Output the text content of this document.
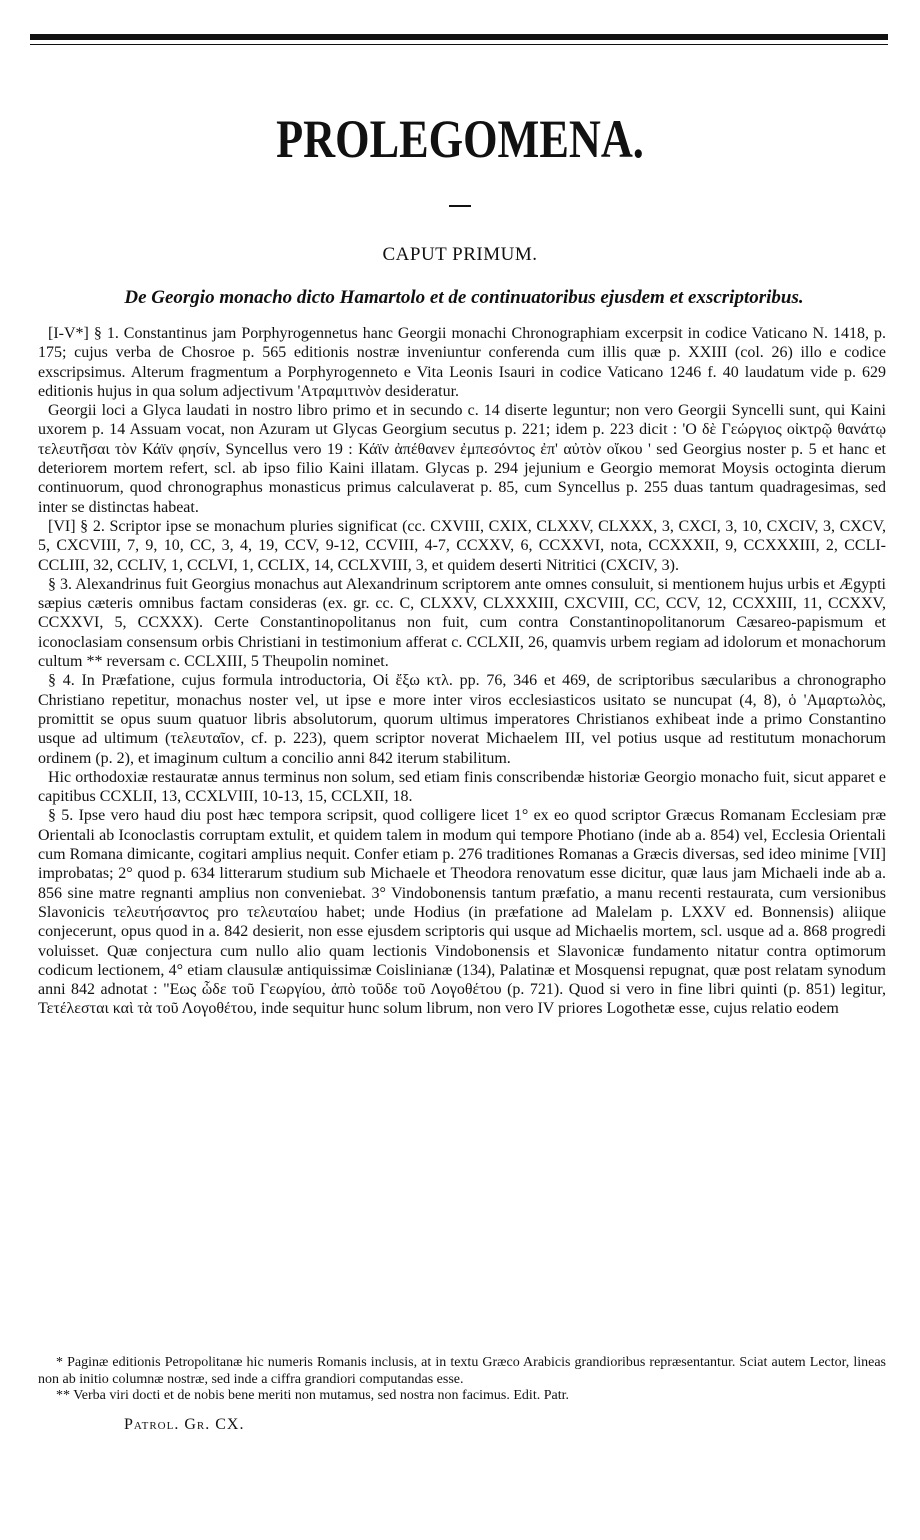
PROLEGOMENA.
CAPUT PRIMUM.
De Georgio monacho dicto Hamartolo et de continuatoribus ejusdem et exscriptoribus.

[I-V*] § 1. Constantinus jam Porphyrogennetus hanc Georgii monachi Chronographiam excerpsit in codice Vaticano N. 1418, p. 175; cujus verba de Chosroe p. 565 editionis nostræ inveniuntur conferenda cum illis quæ p. XXIII (col. 26) illo e codice exscripsimus. Alterum fragmentum a Porphyrogenneto e Vita Leonis Isauri in codice Vaticano 1246 f. 40 laudatum vide p. 629 editionis hujus in qua solum adjectivum 'Ατραμιτινὸν desideratur.

Georgii loci a Glyca laudati in nostro libro primo et in secundo c. 14 diserte leguntur; non vero Georgii Syncelli sunt, qui Kaini uxorem p. 14 Assuam vocat, non Azuram ut Glycas Georgium secutus p. 221; idem p. 223 dicit : 'Ο δὲ Γεώργιος οἰκτρῷ θανάτῳ τελευτῆσαι τὸν Κάϊν φησίν, Syncellus vero 19 : Κάϊν ἀπέθανεν ἐμπεσόντος ἐπ' αὐτὸν οἴκου ' sed Georgius noster p. 5 et hanc et deteriorem mortem refert, scl. ab ipso filio Kaini illatam. Glycas p. 294 jejunium e Georgio memorat Moysis octoginta dierum continuorum, quod chronographus monasticus primus calculaverat p. 85, cum Syncellus p. 255 duas tantum quadragesimas, sed inter se distinctas habeat.

[VI] § 2. Scriptor ipse se monachum pluries significat (cc. CXVIII, CXIX, CLXXV, CLXXX, 3, CXCI, 3, 10, CXCIV, 3, CXCV, 5, CXCVIII, 7, 9, 10, CC, 3, 4, 19, CCV, 9-12, CCVIII, 4-7, CCXXV, 6, CCXXVI, nota, CCXXXII, 9, CCXXXIII, 2, CCLI-CCLIII, 32, CCLIV, 1, CCLVI, 1, CCLIX, 14, CCLXVIII, 3, et quidem deserti Nitritici (CXCIV, 3).

§ 3. Alexandrinus fuit Georgius monachus aut Alexandrinum scriptorem ante omnes consuluit, si mentionem hujus urbis et Ægypti sæpius cæteris omnibus factam consideras (ex. gr. cc. C, CLXXV, CLXXXIII, CXCVIII, CC, CCV, 12, CCXXIII, 11, CCXXV, CCXXVI, 5, CCXXX). Certe Constantinopolitanus non fuit, cum contra Constantinopolitanorum Cæsareo-papismum et iconoclasiam consensum orbis Christiani in testimonium afferat c. CCLXII, 26, quamvis urbem regiam ad idolorum et monachorum cultum ** reversam c. CCLXIII, 5 Theupolin nominet.

§ 4. In Præfatione, cujus formula introductoria, Οἱ ἔξω κτλ. pp. 76, 346 et 469, de scriptoribus sæcularibus a chronographo Christiano repetitur, monachus noster vel, ut ipse e more inter viros ecclesiasticos usitato se nuncupat (4, 8), ὁ 'Αμαρτωλὸς, promittit se opus suum quatuor libris absolutorum, quorum ultimus imperatores Christianos exhibeat inde a primo Constantino usque ad ultimum (τελευταῖον, cf. p. 223), quem scriptor noverat Michaelem III, vel potius usque ad restitutum monachorum ordinem (p. 2), et imaginum cultum a concilio anni 842 iterum stabilitum.

Hic orthodoxiæ restauratæ annus terminus non solum, sed etiam finis conscribendæ historiæ Georgio monacho fuit, sicut apparet e capitibus CCXLII, 13, CCXLVIII, 10-13, 15, CCLXII, 18.

§ 5. Ipse vero haud diu post hæc tempora scripsit, quod colligere licet 1° ex eo quod scriptor Græcus Romanam Ecclesiam præ Orientali ab Iconoclastis corruptam extulit, et quidem talem in modum qui tempore Photiano (inde ab a. 854) vel, Ecclesia Orientali cum Romana dimicante, cogitari amplius nequit. Confer etiam p. 276 traditiones Romanas a Græcis diversas, sed ideo minime [VII] improbatas; 2° quod p. 634 litterarum studium sub Michaele et Theodora renovatum esse dicitur, quæ laus jam Michaeli inde ab a. 856 sine matre regnanti amplius non conveniebat. 3° Vindobonensis tantum præfatio, a manu recenti restaurata, cum versionibus Slavonicis τελευτήσαντος pro τελευταίου habet; unde Hodius (in præfatione ad Malelam p. LXXV ed. Bonnensis) aliique conjecerunt, opus quod in a. 842 desierit, non esse ejusdem scriptoris qui usque ad Michaelis mortem, scl. usque ad a. 868 progredi voluisset. Quæ conjectura cum nullo alio quam lectionis Vindobonensis et Slavonicæ fundamento nitatur contra optimorum codicum lectionem, 4° etiam clausulæ antiquissimæ Coislinianæ (134), Palatinæ et Mosquensi repugnat, quæ post relatam synodum anni 842 adnotat : "Εως ὧδε τοῦ Γεωργίου, ἀπὸ τοῦδε τοῦ Λογοθέτου (p. 721). Quod si vero in fine libri quinti (p. 851) legitur, Τετέλεσται καὶ τὰ τοῦ Λογοθέτου, inde sequitur hunc solum librum, non vero IV priores Logothetæ esse, cujus relatio eodem

* Paginæ editionis Petropolitanæ hic numeris Romanis inclusis, at in textu Græco Arabicis grandioribus repræsentantur. Sciat autem Lector, lineas non ab initio columnæ nostræ, sed inde a ciffra grandiori computandas esse.

** Verba viri docti et de nobis bene meriti non mutamus, sed nostra non facimus. Edit. Patr.

Patrol. Gr. CX.
